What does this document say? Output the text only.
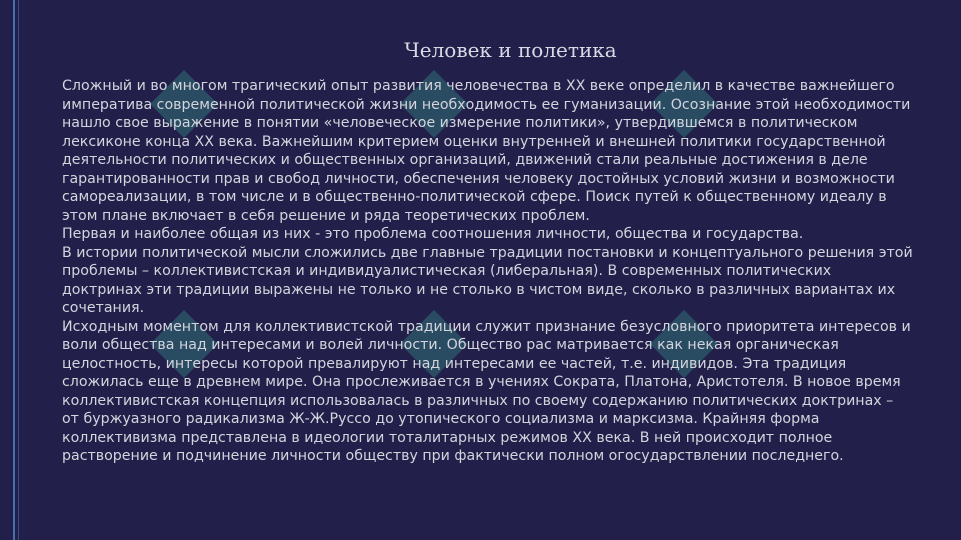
Человек и полетика

Сложный и во многом трагический опыт развития человечества в XX веке определил в качестве важнейшего императива современной политической жизни необходимость ее гуманизации. Осознание этой необходимости нашло свое выражение в понятии «человеческое измерение политики», утвердившемся в политическом лексиконе конца XX века. Важнейшим критерием оценки внутренней и внешней политики государственной деятельности политических и общественных организаций, движений стали реальные достижения в деле гарантированности прав и свобод личности, обеспечения человеку достойных условий жизни и возможности самореализации, в том числе и в общественно-политической сфере. Поиск путей к общественному идеалу в этом плане включает в себя решение и ряда теоретических проблем.

Первая и наиболее общая из них - это проблема соотношения личности, общества и государства.

В истории политической мысли сложились две главные традиции постановки и концептуального решения этой проблемы – коллективистская и индивидуалистическая (либеральная). В современных политических доктринах эти традиции выражены не только и не столько в чистом виде, сколько в различных вариантах их сочетания.

Исходным моментом для коллективистской традиции служит признание безусловного приоритета интересов и воли общества над интересами и волей личности. Общество рас матривается как некая органическая целостность, интересы которой превалируют над интересами ее частей, т.е. индивидов. Эта традиция сложилась еще в древнем мире. Она прослеживается в учениях Сократа, Платона, Аристотеля. В новое время коллективистская концепция использовалась в различных по своему содержанию политических доктринах – от буржуазного радикализма Ж-Ж.Руссо до утопического социализма и марксизма. Крайняя форма коллективизма представлена в идеологии тоталитарных режимов XX века. В ней происходит полное растворение и подчинение личности обществу при фактически полном огосударствлении последнего.
